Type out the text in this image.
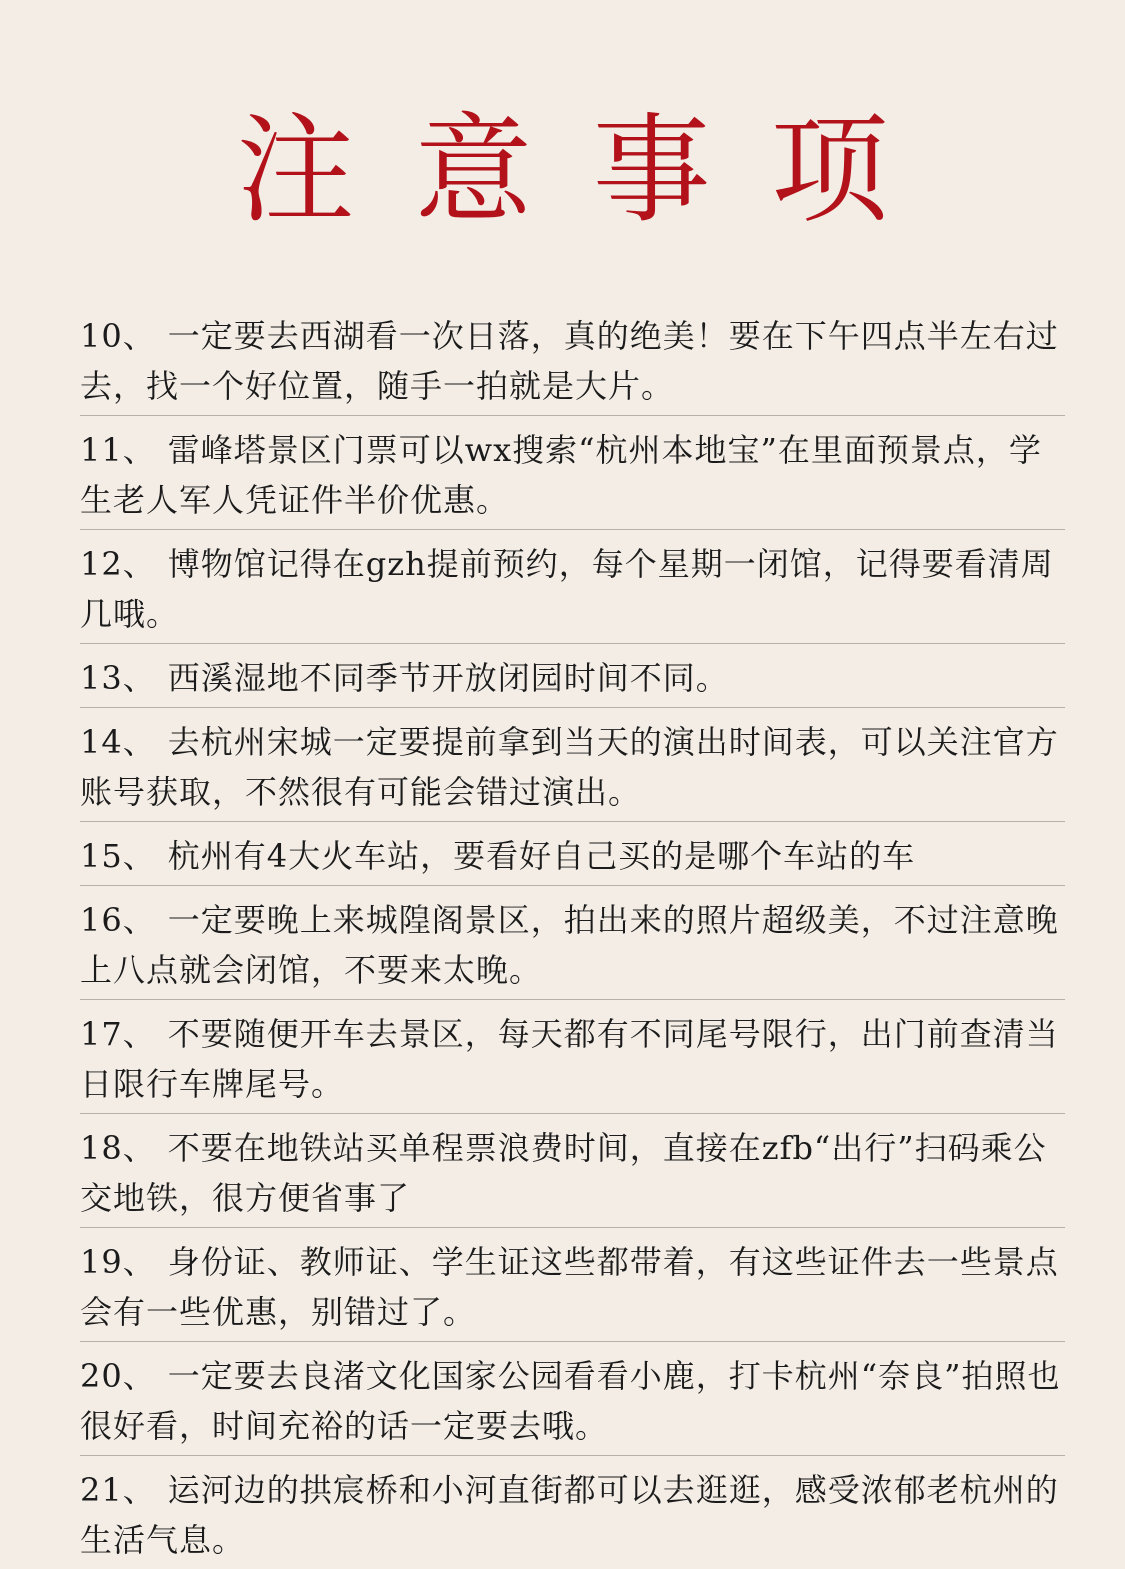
注意事项
10、 一定要去西湖看一次日落，真的绝美！要在下午四点半左右过去，找一个好位置，随手一拍就是大片。
11、 雷峰塔景区门票可以wx搜索“杭州本地宝”在里面预景点，学生老人军人凭证件半价优惠。
12、 博物馆记得在gzh提前预约，每个星期一闭馆，记得要看清周几哦。
13、 西溪湿地不同季节开放闭园时间不同。
14、 去杭州宋城一定要提前拿到当天的演出时间表，可以关注官方账号获取，不然很有可能会错过演出。
15、 杭州有4大火车站，要看好自己买的是哪个车站的车
16、 一定要晚上来城隍阁景区，拍出来的照片超级美，不过注意晚上八点就会闭馆，不要来太晚。
17、 不要随便开车去景区，每天都有不同尾号限行，出门前查清当日限行车牌尾号。
18、 不要在地铁站买单程票浪费时间，直接在zfb“出行”扫码乘公交地铁，很方便省事了
19、 身份证、教师证、学生证这些都带着，有这些证件去一些景点会有一些优惠，别错过了。
20、 一定要去良渚文化国家公园看看小鹿，打卡杭州“奈良”拍照也很好看，时间充裕的话一定要去哦。
21、 运河边的拱宸桥和小河直街都可以去逛逛，感受浓郁老杭州的生活气息。
